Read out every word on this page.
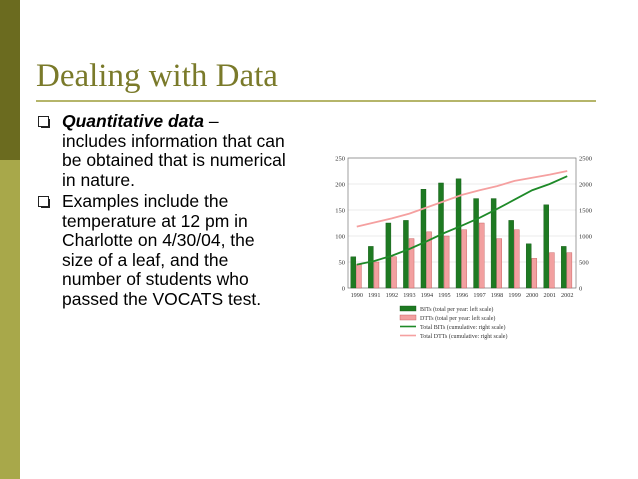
Dealing with Data
Quantitative data – includes information that can be obtained that is numerical in nature.
Examples include the temperature at 12 pm in Charlotte on 4/30/04, the size of a leaf, and the number of students who passed the VOCATS test.	0
50
100
150
200
250
0
500
1000
1500
2000
2500
1990 1991 1992 1993 1994 1995 1996 1997 1998 1999 2000 2001 2002
BITs (total per year: left scale)
DTTs (total per year: left scale)
Total BITs (cumulative: right scale)
Total DTTs (cumulative: right scale)
